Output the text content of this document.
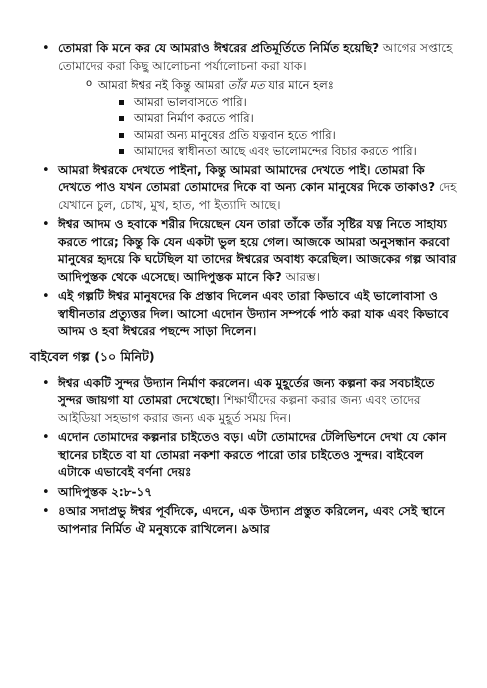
• তোমরা কি মনে কর যে আমরাও ঈশ্বরের প্রতিমূর্তিতে নির্মিত হয়েছি? আগের সপ্তাহে তোমাদের করা কিছু আলোচনা পর্যালোচনা করা যাক।
o আমরা ঈশ্বর নই কিন্তু আমরা তাঁর মত যার মানে হলঃ
আমরা ভালবাসতে পারি।
আমরা নির্মাণ করতে পারি।
আমরা অন্য মানুষের প্রতি যত্নবান হতে পারি।
আমাদের স্বাধীনতা আছে এবং ভালোমন্দের বিচার করতে পারি।
• আমরা ঈশ্বরকে দেখতে পাইনা, কিন্তু আমরা আমাদের দেখতে পাই। তোমরা কি দেখতে পাও যখন তোমরা তোমাদের দিকে বা অন্য কোন মানুষের দিকে তাকাও? দেহ যেখানে চুল, চোখ, মুখ, হাত, পা ইত্যাদি আছে।
• ঈশ্বর আদম ও হবাকে শরীর দিয়েছেন যেন তারা তাঁকে তাঁর সৃষ্টির যত্ন নিতে সাহায্য করতে পারে; কিন্তু কি যেন একটা ভুল হয়ে গেল। আজকে আমরা অনুসন্ধান করবো মানুষের হৃদয়ে কি ঘটেছিল যা তাদের ঈশ্বরের অবাধ্য করেছিল। আজকের গল্প আবার আদিপুস্তক থেকে এসেছে। আদিপুস্তক মানে কি? আরম্ভ।
• এই গল্পটি ঈশ্বর মানুষদের কি প্রস্তাব দিলেন এবং তারা কিভাবে এই ভালোবাসা ও স্বাধীনতার প্রত্যুত্তর দিল। আসো এদোন উদ্যান সম্পর্কে পাঠ করা যাক এবং কিভাবে আদম ও হবা ঈশ্বরের পছন্দে সাড়া দিলেন।
বাইবেল গল্প (১০ মিনিট)
• ঈশ্বর একটি সুন্দর উদ্যান নির্মাণ করলেন। এক মুহূর্তের জন্য কল্পনা কর সবচাইতে সুন্দর জায়গা যা তোমরা দেখেছো। শিক্ষার্থীদের কল্পনা করার জন্য এবং তাদের আইডিয়া সহভাগ করার জন্য এক মুহূর্ত সময় দিন।
• এদোন তোমাদের কল্পনার চাইতেও বড়। এটা তোমাদের টেলিভিশনে দেখা যে কোন স্থানের চাইতে বা যা তোমরা নকশা করতে পারো তার চাইতেও সুন্দর। বাইবেল এটাকে এভাবেই বর্ণনা দেয়ঃ
• আদিপুস্তক ২:৮-১৭
• ৪আর সদাপ্রভু ঈশ্বর পূর্বদিকে, এদনে, এক উদ্যান প্রস্তুত করিলেন, এবং সেই স্থানে আপনার নির্মিত ঐ মনুষ্যকে রাখিলেন। ৯আর
